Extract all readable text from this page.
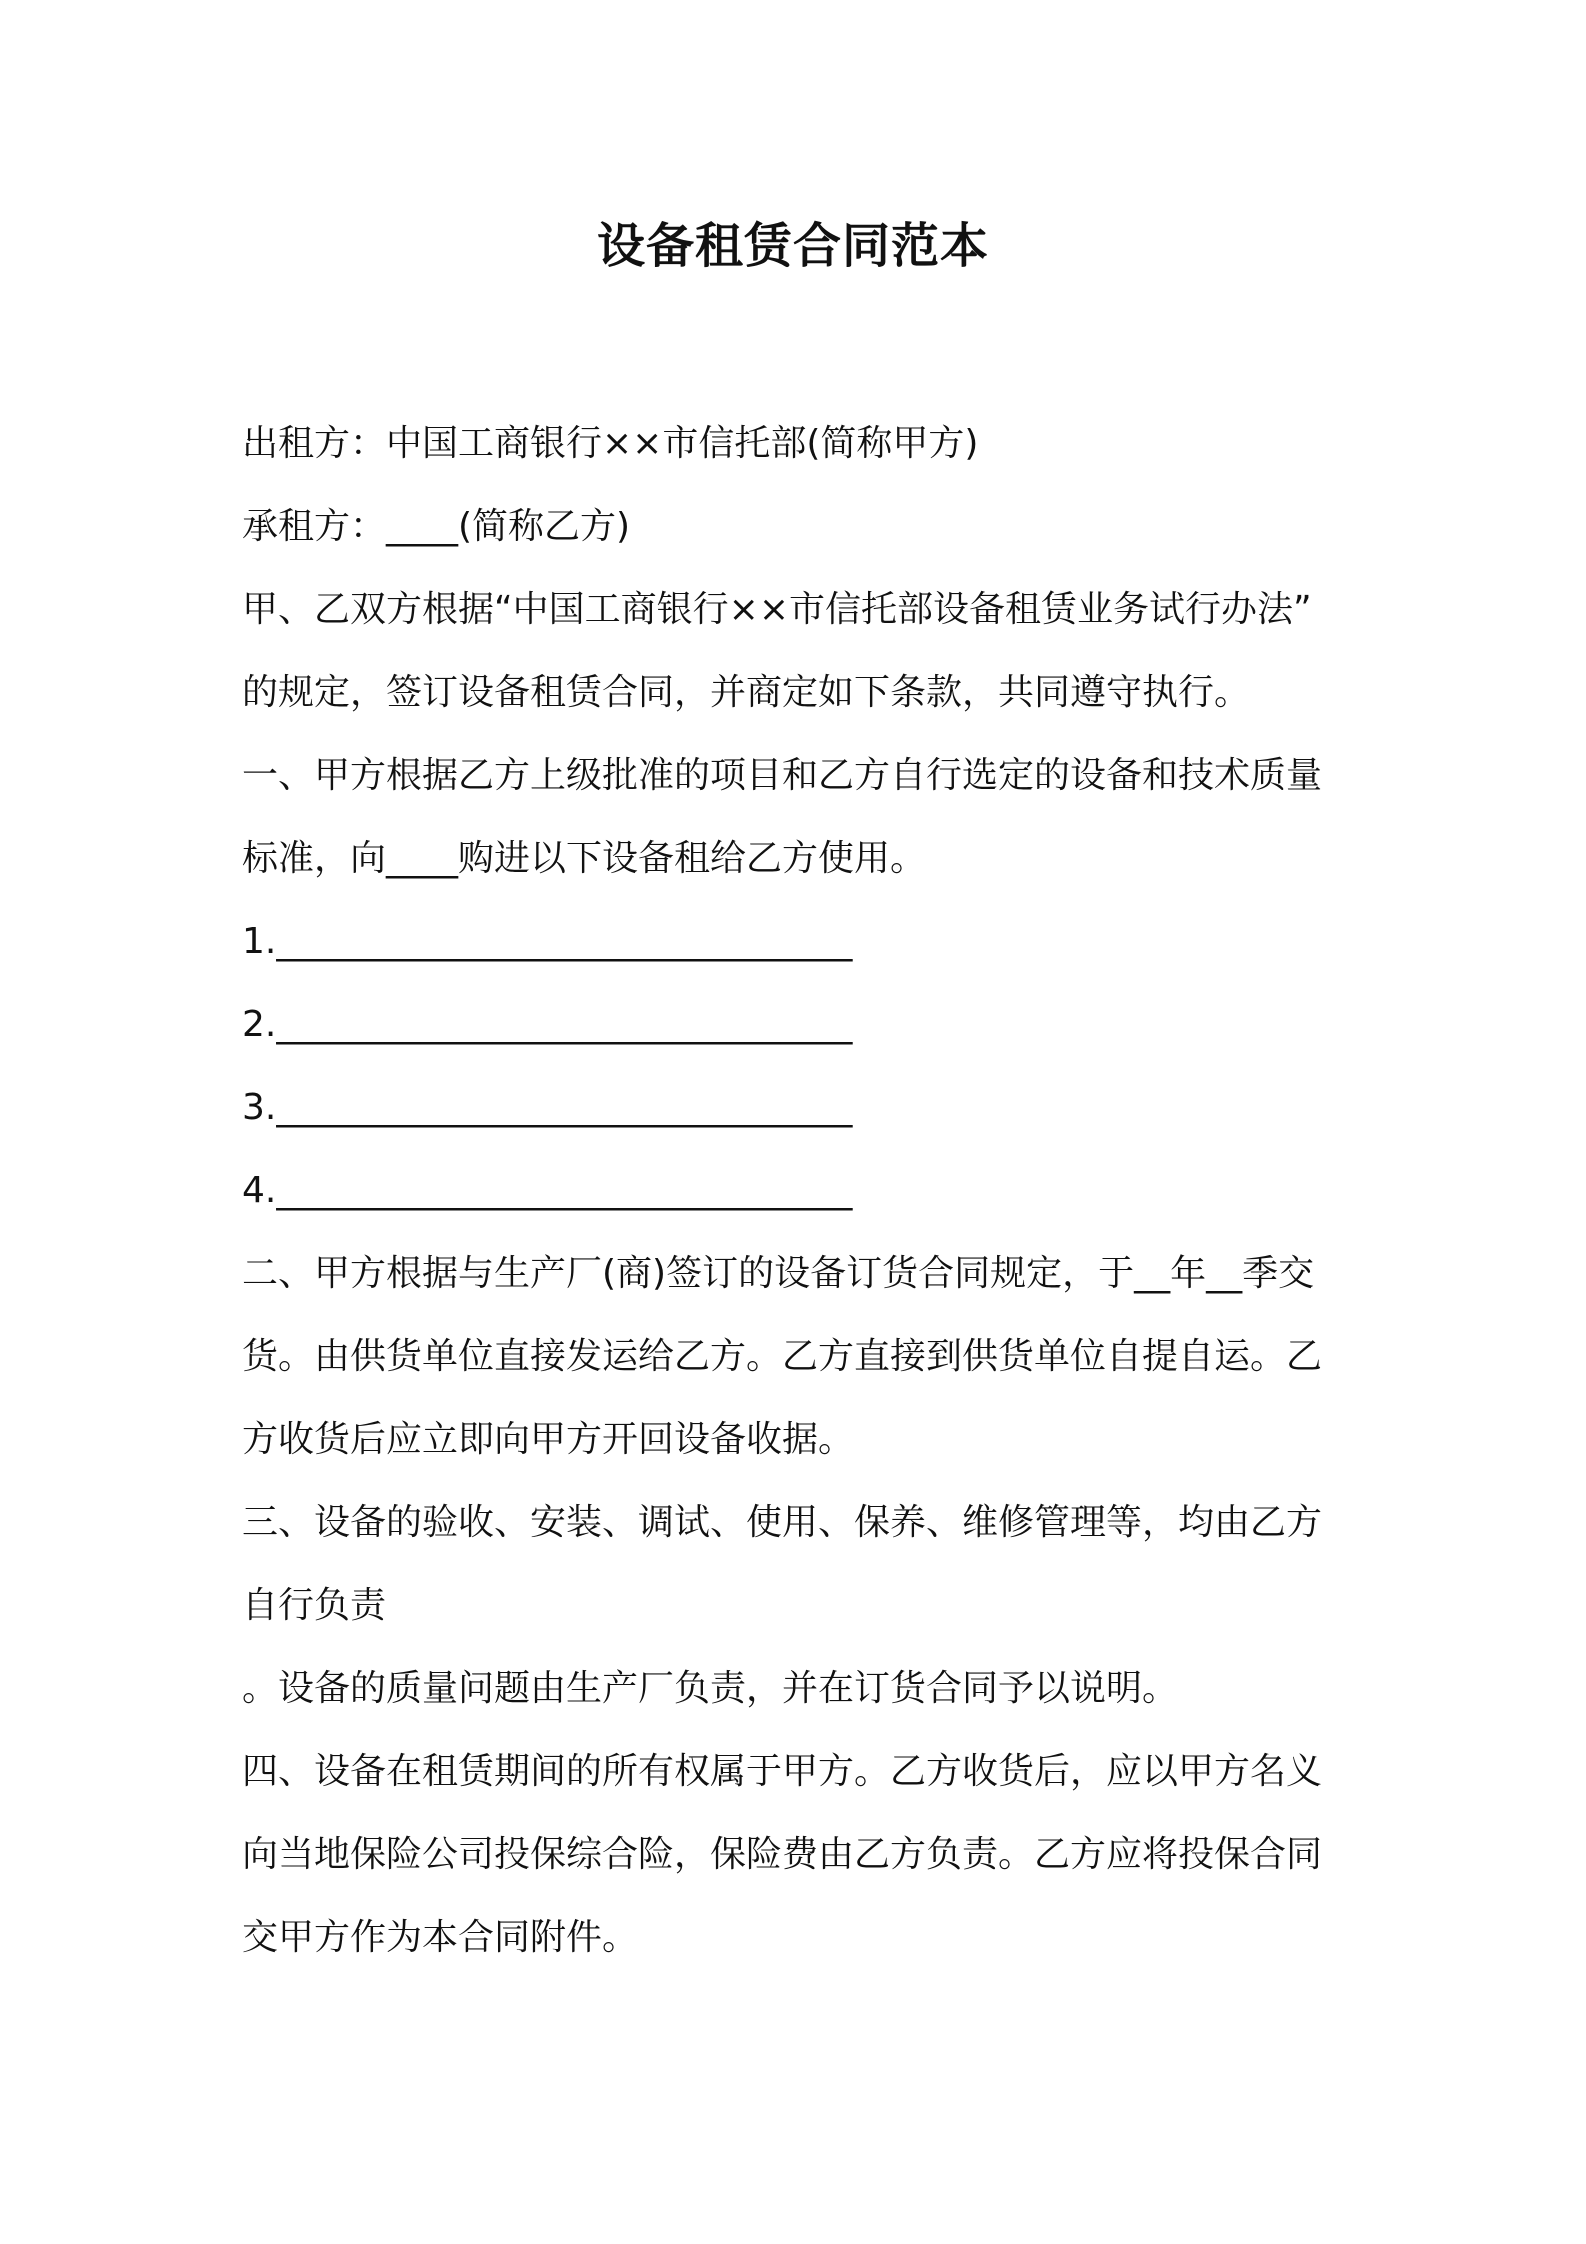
设备租赁合同范本
出租方：中国工商银行××市信托部(简称甲方)
承租方：____(简称乙方)
甲、乙双方根据“中国工商银行××市信托部设备租赁业务试行办法”
的规定，签订设备租赁合同，并商定如下条款，共同遵守执行。
一、甲方根据乙方上级批准的项目和乙方自行选定的设备和技术质量
标准，向____购进以下设备租给乙方使用。
1.________________________________
2.________________________________
3.________________________________
4.________________________________
二、甲方根据与生产厂(商)签订的设备订货合同规定，于__年__季交
货。由供货单位直接发运给乙方。乙方直接到供货单位自提自运。乙
方收货后应立即向甲方开回设备收据。
三、设备的验收、安装、调试、使用、保养、维修管理等，均由乙方
自行负责
。设备的质量问题由生产厂负责，并在订货合同予以说明。
四、设备在租赁期间的所有权属于甲方。乙方收货后，应以甲方名义
向当地保险公司投保综合险，保险费由乙方负责。乙方应将投保合同
交甲方作为本合同附件。
